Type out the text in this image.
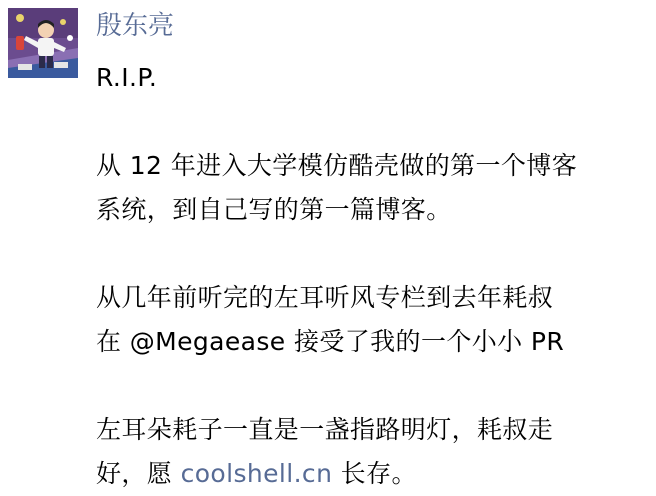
殷东亮
R.I.P.
从 12 年进入大学模仿酷壳做的第一个博客
系统，到自己写的第一篇博客。
从几年前听完的左耳听风专栏到去年耗叔
在 @Megaease 接受了我的一个小小 PR
左耳朵耗子一直是一盏指路明灯，耗叔走
好，愿 coolshell.cn 长存。
